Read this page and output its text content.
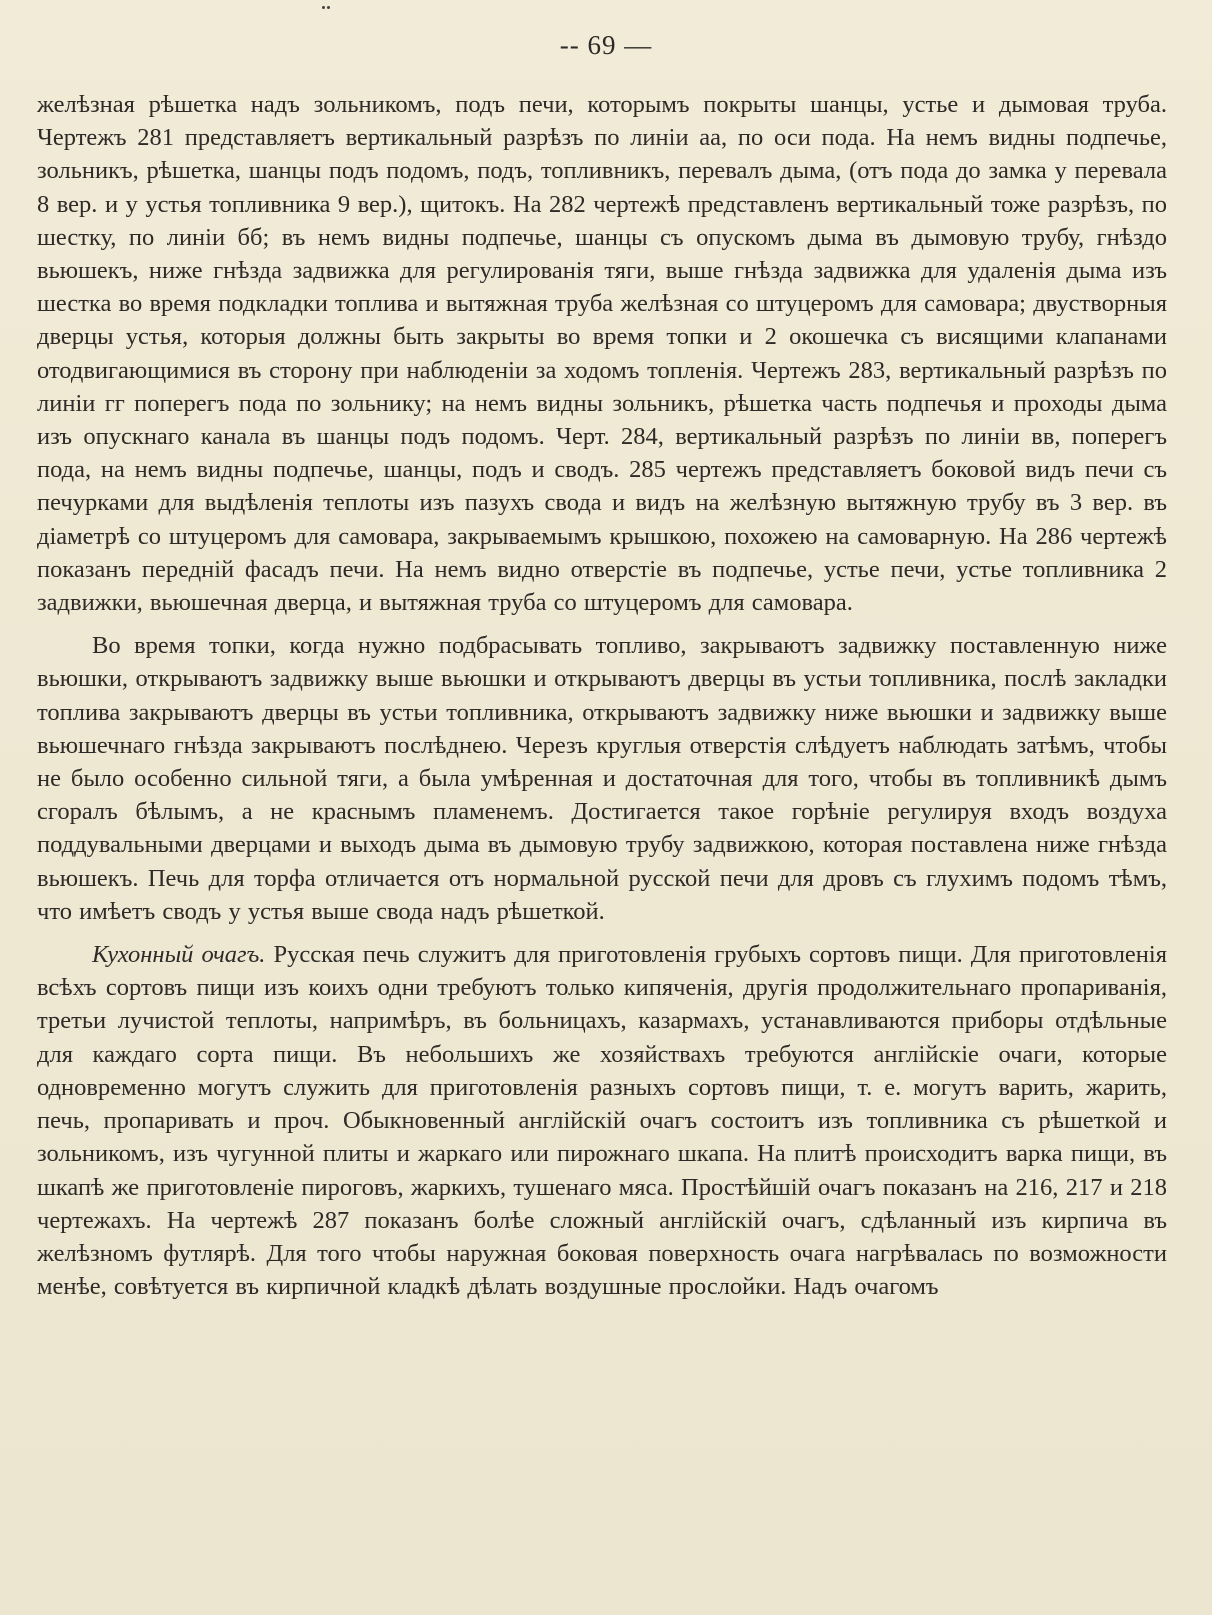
-- 69 —

желѣзная рѣшетка надъ зольникомъ, подъ печи, которымъ покрыты шанцы, устье и дымовая труба. Чертежъ 281 представляетъ вертикальный разрѣзъ по линіи аа, по оси пода. На немъ видны подпечье, зольникъ, рѣшетка, шанцы подъ подомъ, подъ, топливникъ, перевалъ дыма, (отъ пода до замка у перевала 8 вер. и у устья топливника 9 вер.), щитокъ. На 282 чертежѣ представленъ вертикальный тоже разрѣзъ, по шестку, по линіи бб; въ немъ видны подпечье, шанцы съ опускомъ дыма въ дымовую трубу, гнѣздо вьюшекъ, ниже гнѣзда задвижка для регулированія тяги, выше гнѣзда задвижка для удаленія дыма изъ шестка во время подкладки топлива и вытяжная труба желѣзная со штуцеромъ для самовара; двустворныя дверцы устья, которыя должны быть закрыты во время топки и 2 окошечка съ висящими клапанами отодвигающимися въ сторону при наблюденіи за ходомъ топленія. Чертежъ 283, вертикальный разрѣзъ по линіи гг поперегъ пода по зольнику; на немъ видны зольникъ, рѣшетка часть подпечья и проходы дыма изъ опускнаго канала въ шанцы подъ подомъ. Черт. 284, вертикальный разрѣзъ по линіи вв, поперегъ пода, на немъ видны подпечье, шанцы, подъ и сводъ. 285 чертежъ представляетъ боковой видъ печи съ печурками для выдѣленія теплоты изъ пазухъ свода и видъ на желѣзную вытяжную трубу въ 3 вер. въ діаметрѣ со штуцеромъ для самовара, закрываемымъ крышкою, похожею на самоварную. На 286 чертежѣ показанъ передній фасадъ печи. На немъ видно отверстіе въ подпечье, устье печи, устье топливника 2 задвижки, вьюшечная дверца, и вытяжная труба со штуцеромъ для самовара.

Во время топки, когда нужно подбрасывать топливо, закрываютъ задвижку поставленную ниже вьюшки, открываютъ задвижку выше вьюшки и открываютъ дверцы въ устьи топливника, послѣ закладки топлива закрываютъ дверцы въ устьи топливника, открываютъ задвижку ниже вьюшки и задвижку выше вьюшечнаго гнѣзда закрываютъ послѣднею. Черезъ круглыя отверстія слѣдуетъ наблюдать затѣмъ, чтобы не было особенно сильной тяги, а была умѣренная и достаточная для того, чтобы въ топливникѣ дымъ сгоралъ бѣлымъ, а не краснымъ пламенемъ. Достигается такое горѣніе регулируя входъ воздуха поддувальными дверцами и выходъ дыма въ дымовую трубу задвижкою, которая поставлена ниже гнѣзда вьюшекъ. Печь для торфа отличается отъ нормальной русской печи для дровъ съ глухимъ подомъ тѣмъ, что имѣетъ сводъ у устья выше свода надъ рѣшеткой.

Кухонный очагъ. Русская печь служитъ для приготовленія грубыхъ сортовъ пищи. Для приготовленія всѣхъ сортовъ пищи изъ коихъ одни требуютъ только кипяченія, другія продолжительнаго пропариванія, третьи лучистой теплоты, напримѣръ, въ больницахъ, казармахъ, устанавливаются приборы отдѣльные для каждаго сорта пищи. Въ небольшихъ же хозяйствахъ требуются англійскіе очаги, которые одновременно могутъ служить для приготовленія разныхъ сортовъ пищи, т. е. могутъ варить, жарить, печь, пропаривать и проч. Обыкновенный англійскій очагъ состоитъ изъ топливника съ рѣшеткой и зольникомъ, изъ чугунной плиты и жаркаго или пирожнаго шкапа. На плитѣ происходитъ варка пищи, въ шкапѣ же приготовленіе пироговъ, жаркихъ, тушенаго мяса. Простѣйшій очагъ показанъ на 216, 217 и 218 чертежахъ. На чертежѣ 287 показанъ болѣе сложный англійскій очагъ, сдѣланный изъ кирпича въ желѣзномъ футлярѣ. Для того чтобы наружная боковая поверхность очага нагрѣвалась по возможности менѣе, совѣтуется въ кирпичной кладкѣ дѣлать воздушные прослойки. Надъ очагомъ
